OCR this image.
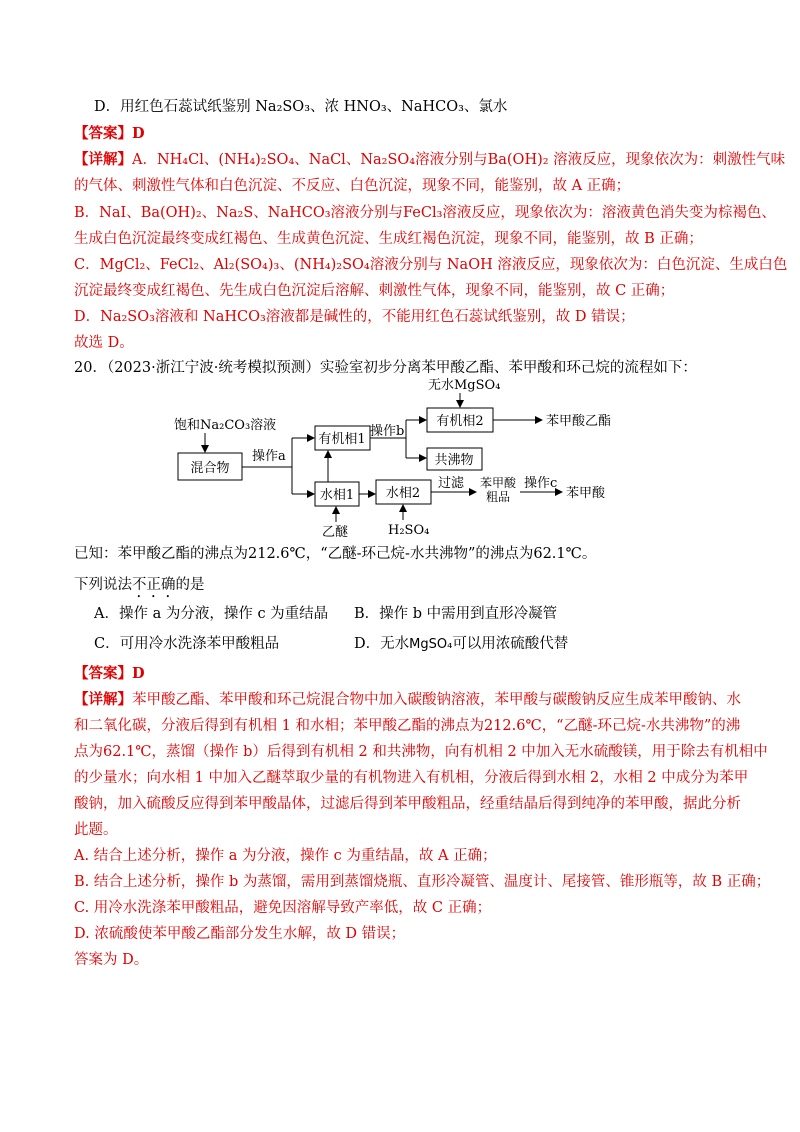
D．用红色石蕊试纸鉴别 Na₂SO₃、浓 HNO₃、NaHCO₃、氯水
【答案】D
【详解】A．NH₄Cl、(NH₄)₂SO₄、NaCl、Na₂SO₄溶液分别与Ba(OH)₂ 溶液反应，现象依次为：刺激性气味
的气体、刺激性气体和白色沉淀、不反应、白色沉淀，现象不同，能鉴别，故 A 正确；
B．NaI、Ba(OH)₂、Na₂S、NaHCO₃溶液分别与FeCl₃溶液反应，现象依次为：溶液黄色消失变为棕褐色、
生成白色沉淀最终变成红褐色、生成黄色沉淀、生成红褐色沉淀，现象不同，能鉴别，故 B 正确；
C．MgCl₂、FeCl₂、Al₂(SO₄)₃、(NH₄)₂SO₄溶液分别与 NaOH 溶液反应，现象依次为：白色沉淀、生成白色
沉淀最终变成红褐色、先生成白色沉淀后溶解、刺激性气体，现象不同，能鉴别，故 C 正确；
D．Na₂SO₃溶液和 NaHCO₃溶液都是碱性的，不能用红色石蕊试纸鉴别，故 D 错误；
故选 D。
20．（2023·浙江宁波·统考模拟预测）实验室初步分离苯甲酸乙酯、苯甲酸和环己烷的流程如下：
饱和Na₂CO₃溶液
混合物
操作a
有机相1
操作b
无水MgSO₄
有机相2	苯甲酸乙酯
共沸物
水相1
乙醚
水相2
H₂SO₄
过滤 苯甲酸
粗品
操作c
苯甲酸
已知：苯甲酸乙酯的沸点为212.6℃，“乙醚-环己烷-水共沸物”的沸点为62.1℃。
下列说法不正确的是
A．操作 a 为分液，操作 c 为重结晶 B．操作 b 中需用到直形冷凝管
C．可用冷水洗涤苯甲酸粗品	D．无水MgSO₄可以用浓硫酸代替
【答案】D
【详解】苯甲酸乙酯、苯甲酸和环己烷混合物中加入碳酸钠溶液，苯甲酸与碳酸钠反应生成苯甲酸钠、水
和二氧化碳，分液后得到有机相 1 和水相；苯甲酸乙酯的沸点为212.6℃，“乙醚-环己烷-水共沸物”的沸
点为62.1℃，蒸馏（操作 b）后得到有机相 2 和共沸物，向有机相 2 中加入无水硫酸镁，用于除去有机相中
的少量水；向水相 1 中加入乙醚萃取少量的有机物进入有机相，分液后得到水相 2，水相 2 中成分为苯甲
酸钠，加入硫酸反应得到苯甲酸晶体，过滤后得到苯甲酸粗品，经重结晶后得到纯净的苯甲酸，据此分析
此题。
A. 结合上述分析，操作 a 为分液，操作 c 为重结晶，故 A 正确；
B. 结合上述分析，操作 b 为蒸馏，需用到蒸馏烧瓶、直形冷凝管、温度计、尾接管、锥形瓶等，故 B 正确；
C. 用冷水洗涤苯甲酸粗品，避免因溶解导致产率低，故 C 正确；
D. 浓硫酸使苯甲酸乙酯部分发生水解，故 D 错误；
答案为 D。
